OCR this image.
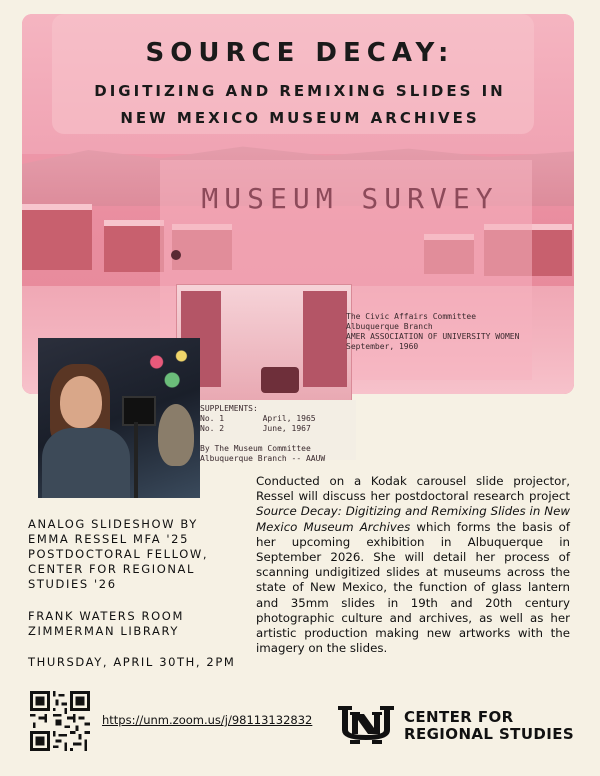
SOURCE DECAY:
DIGITIZING AND REMIXING SLIDES IN
NEW MEXICO MUSEUM ARCHIVES
MUSEUM SURVEY
The Civic Affairs Committee
Albuquerque Branch
AMER ASSOCIATION OF UNIVERSITY WOMEN
September, 1960
SUPPLEMENTS:
No. 1        April, 1965
No. 2        June, 1967

By The Museum Committee
Albuquerque Branch -- AAUW
ANALOG SLIDESHOW BY
EMMA RESSEL MFA '25
POSTDOCTORAL FELLOW,
CENTER FOR REGIONAL
STUDIES '26
FRANK WATERS ROOM
ZIMMERMAN LIBRARY
THURSDAY, APRIL 30TH, 2PM
Conducted on a Kodak carousel slide projector, Ressel will discuss her postdoctoral research project Source Decay: Digitizing and Remixing Slides in New Mexico Museum Archives which forms the basis of her upcoming exhibition in Albuquerque in September 2026. She will detail her process of scanning undigitized slides at museums across the state of New Mexico, the function of glass lantern and 35mm slides in 19th and 20th century photographic culture and archives, as well as her artistic production making new artworks with the imagery on the slides.
https://unm.zoom.us/j/98113132832	CENTER FOR
REGIONAL STUDIES
